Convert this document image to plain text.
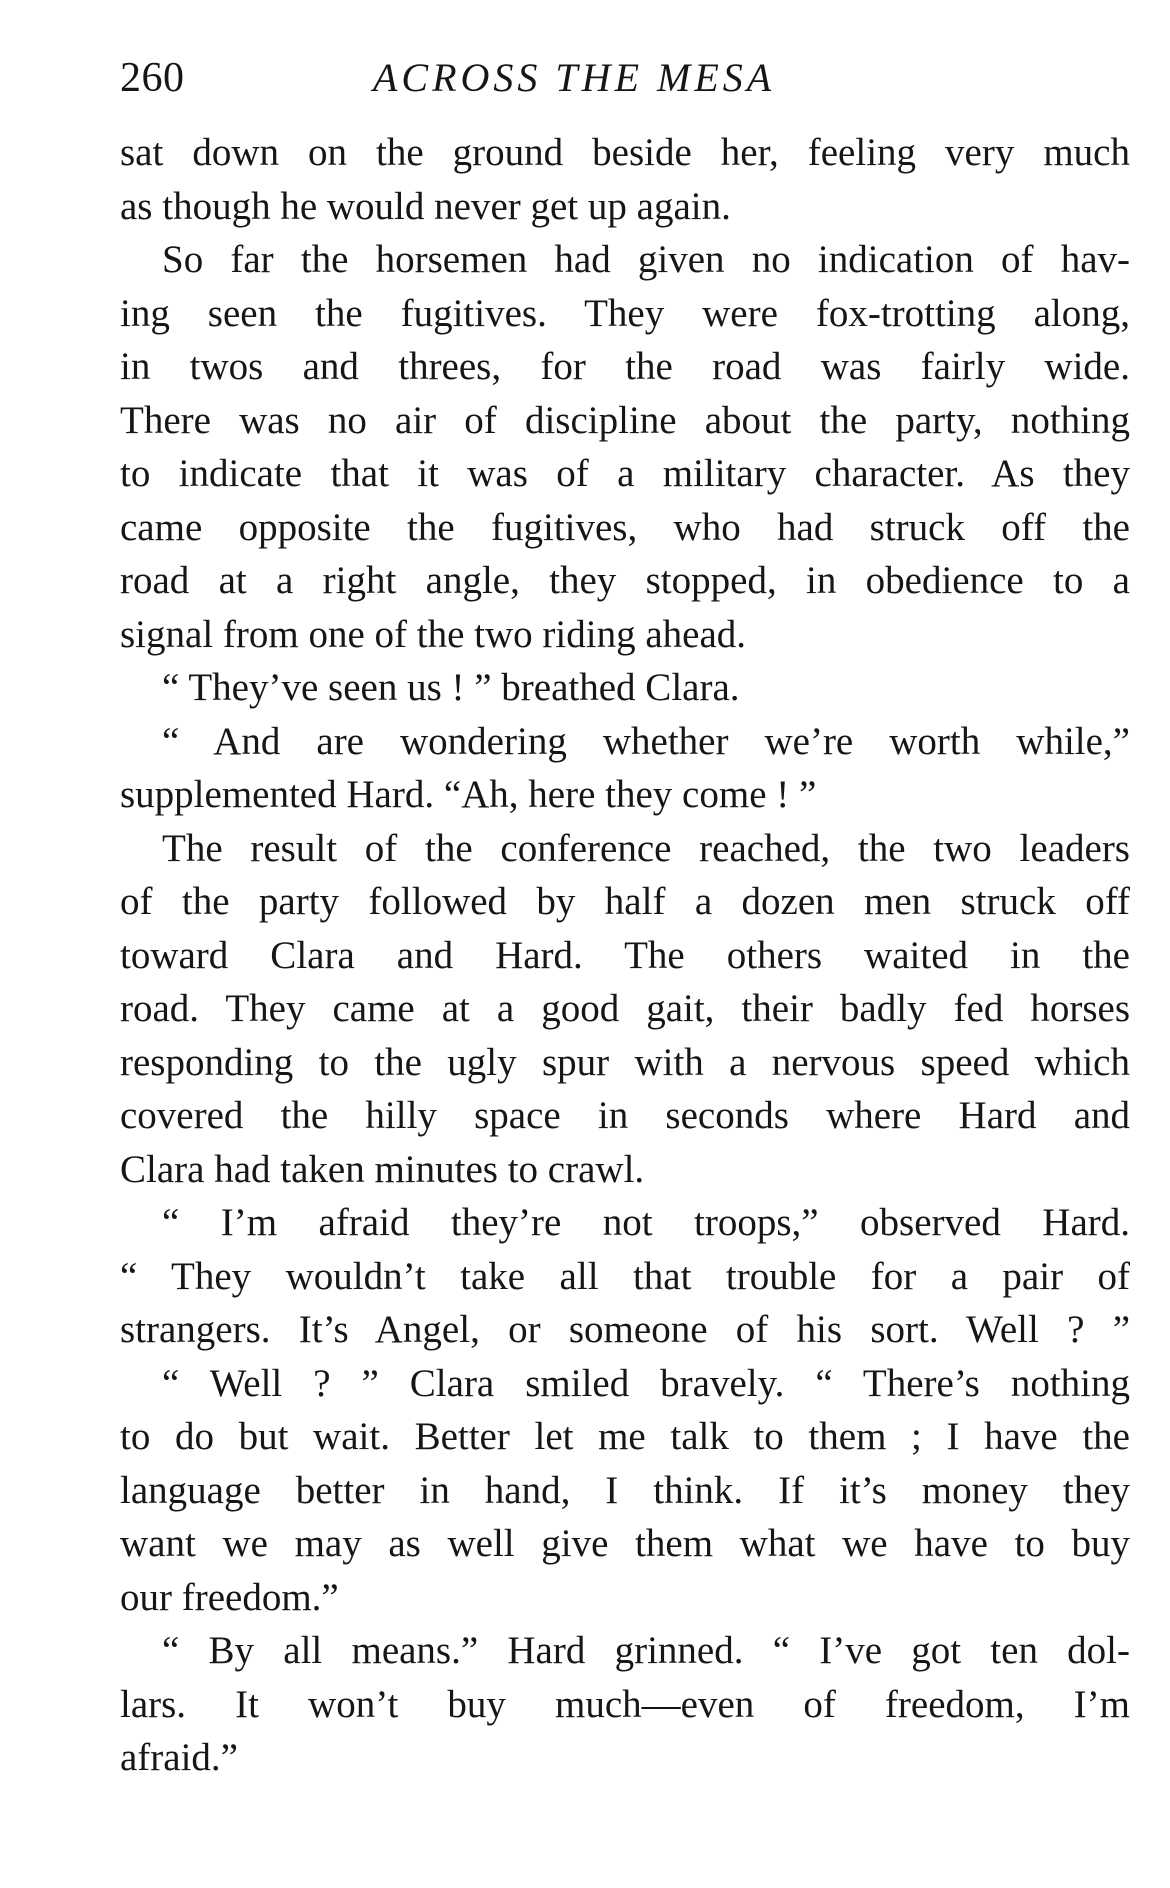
260	ACROSS THE MESA
sat down on the ground beside her, feeling very much
as though he would never get up again.
So far the horsemen had given no indication of hav-
ing seen the fugitives. They were fox-trotting along,
in twos and threes, for the road was fairly wide.
There was no air of discipline about the party, nothing
to indicate that it was of a military character. As they
came opposite the fugitives, who had struck off the
road at a right angle, they stopped, in obedience to a
signal from one of the two riding ahead.
“ They’ve seen us ! ” breathed Clara.
“ And are wondering whether we’re worth while,”
supplemented Hard. “Ah, here they come ! ”
The result of the conference reached, the two leaders
of the party followed by half a dozen men struck off
toward Clara and Hard. The others waited in the
road. They came at a good gait, their badly fed horses
responding to the ugly spur with a nervous speed which
covered the hilly space in seconds where Hard and
Clara had taken minutes to crawl.
“ I’m afraid they’re not troops,” observed Hard.
“ They wouldn’t take all that trouble for a pair of
strangers. It’s Angel, or someone of his sort. Well ? ”
“ Well ? ” Clara smiled bravely. “ There’s nothing
to do but wait. Better let me talk to them ; I have the
language better in hand, I think. If it’s money they
want we may as well give them what we have to buy
our freedom.”
“ By all means.” Hard grinned. “ I’ve got ten dol-
lars. It won’t buy much—even of freedom, I’m
afraid.”
